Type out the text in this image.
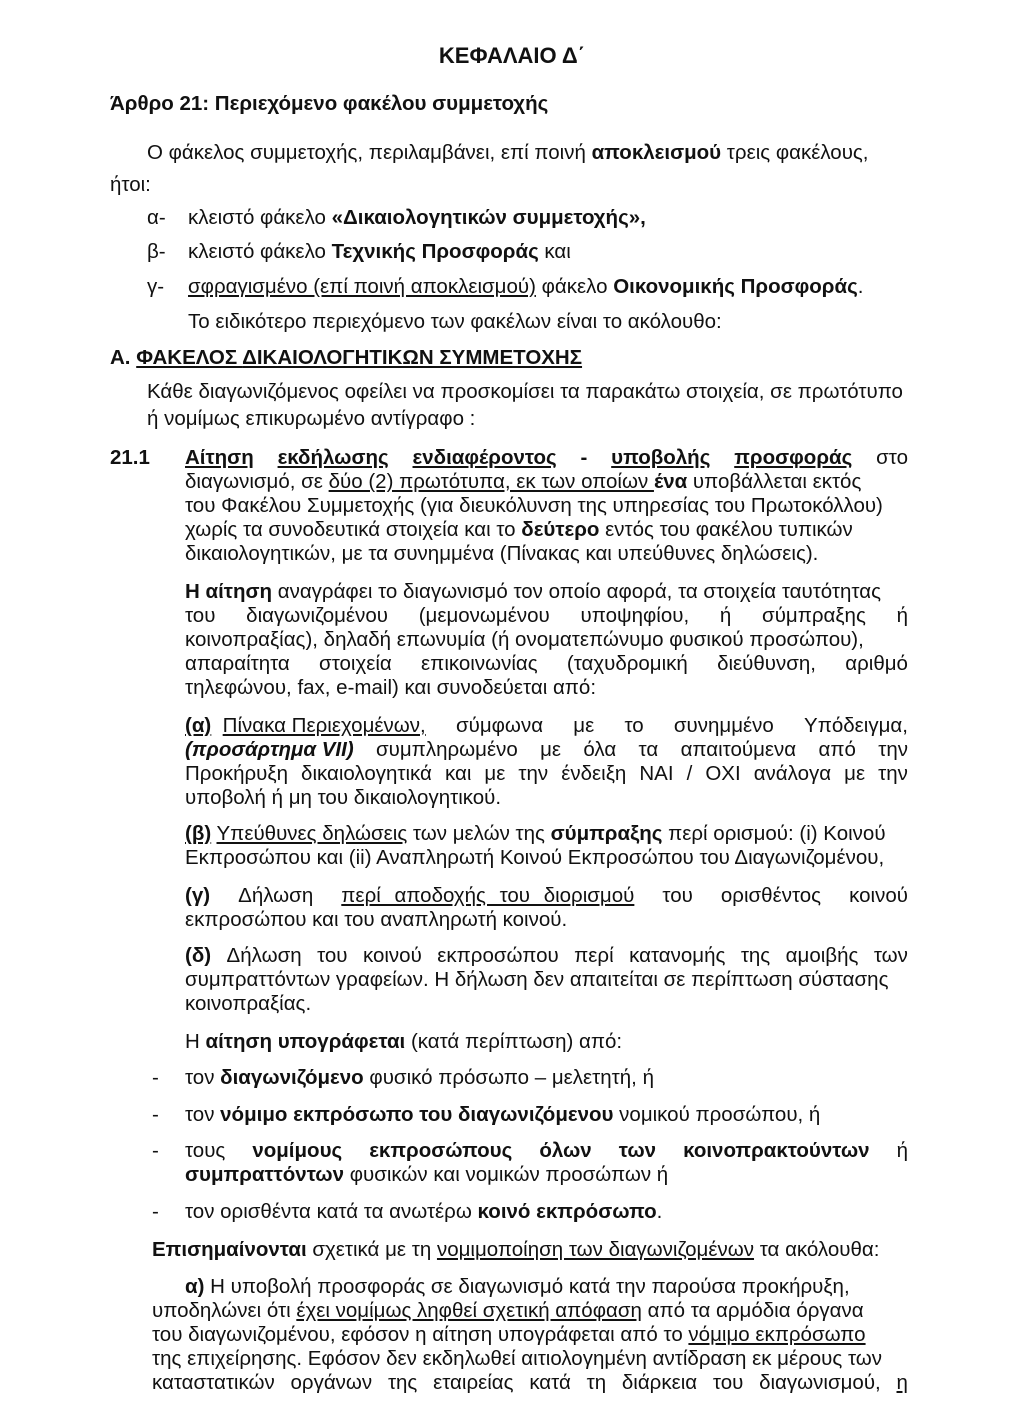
ΚΕΦΑΛΑΙΟ Δ΄
Άρθρο 21: Περιεχόμενο φακέλου συμμετοχής
Ο φάκελος συμμετοχής, περιλαμβάνει, επί ποινή αποκλεισμού τρεις φακέλους,
ήτοι:
α- κλειστό φάκελο «Δικαιολογητικών συμμετοχής»,
β- κλειστό φάκελο Τεχνικής Προσφοράς και
γ- σφραγισμένο (επί ποινή αποκλεισμού) φάκελο Οικονομικής Προσφοράς.
Το ειδικότερο περιεχόμενο των φακέλων είναι το ακόλουθο:
Α. ΦΑΚΕΛΟΣ ΔΙΚΑΙΟΛΟΓΗΤΙΚΩΝ ΣΥΜΜΕΤΟΧΗΣ
Κάθε διαγωνιζόμενος οφείλει να προσκομίσει τα παρακάτω στοιχεία, σε πρωτότυπο
ή νομίμως επικυρωμένο αντίγραφο :
21.1 Αίτηση εκδήλωσης ενδιαφέροντος - υποβολής προσφοράς στο
διαγωνισμό, σε δύο (2) πρωτότυπα, εκ των οποίων ένα υποβάλλεται εκτός
του Φακέλου Συμμετοχής (για διευκόλυνση της υπηρεσίας του Πρωτοκόλλου)
χωρίς τα συνοδευτικά στοιχεία και το δεύτερο εντός του φακέλου τυπικών
δικαιολογητικών, με τα συνημμένα (Πίνακας και υπεύθυνες δηλώσεις).
Η αίτηση αναγράφει το διαγωνισμό τον οποίο αφορά, τα στοιχεία ταυτότητας
του διαγωνιζομένου (μεμονωμένου υποψηφίου, ή σύμπραξης ή
κοινοπραξίας), δηλαδή επωνυμία (ή ονοματεπώνυμο φυσικού προσώπου),
απαραίτητα στοιχεία επικοινωνίας (ταχυδρομική διεύθυνση, αριθμό
τηλεφώνου, fax, e-mail) και συνοδεύεται από:
(α) Πίνακα Περιεχομένων, σύμφωνα με το συνημμένο Υπόδειγμα,
(προσάρτημα VII) συμπληρωμένο με όλα τα απαιτούμενα από την
Προκήρυξη δικαιολογητικά και με την ένδειξη ΝΑΙ / ΟΧΙ ανάλογα με την
υποβολή ή μη του δικαιολογητικού.
(β) Υπεύθυνες δηλώσεις των μελών της σύμπραξης περί ορισμού: (i) Κοινού
Εκπροσώπου και (ii) Αναπληρωτή Κοινού Εκπροσώπου του Διαγωνιζομένου,
(γ) Δήλωση περί αποδοχής του διορισμού του ορισθέντος κοινού
εκπροσώπου και του αναπληρωτή κοινού.
(δ) Δήλωση του κοινού εκπροσώπου περί κατανομής της αμοιβής των
συμπραττόντων γραφείων. Η δήλωση δεν απαιτείται σε περίπτωση σύστασης
κοινοπραξίας.
Η αίτηση υπογράφεται (κατά περίπτωση) από:
- τον διαγωνιζόμενο φυσικό πρόσωπο – μελετητή, ή
- τον νόμιμο εκπρόσωπο του διαγωνιζόμενου νομικού προσώπου, ή
- τους νομίμους εκπροσώπους όλων των κοινοπρακτούντων ή
συμπραττόντων φυσικών και νομικών προσώπων ή
- τον ορισθέντα κατά τα ανωτέρω κοινό εκπρόσωπο.
Επισημαίνονται σχετικά με τη νομιμοποίηση των διαγωνιζομένων τα ακόλουθα:
α) Η υποβολή προσφοράς σε διαγωνισμό κατά την παρούσα προκήρυξη,
υποδηλώνει ότι έχει νομίμως ληφθεί σχετική απόφαση από τα αρμόδια όργανα
του διαγωνιζομένου, εφόσον η αίτηση υπογράφεται από το νόμιμο εκπρόσωπο
της επιχείρησης. Εφόσον δεν εκδηλωθεί αιτιολογημένη αντίδραση εκ μέρους των
καταστατικών οργάνων της εταιρείας κατά τη διάρκεια του διαγωνισμού, η
